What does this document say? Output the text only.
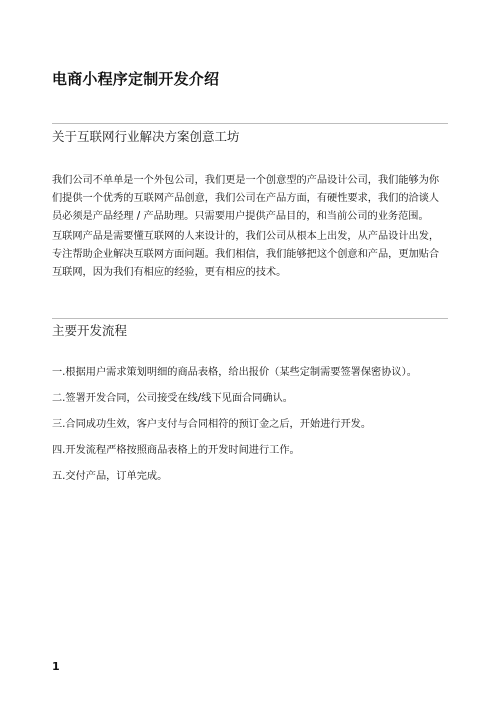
电商小程序定制开发介绍
关于互联网行业解决方案创意工坊

我们公司不单单是一个外包公司，我们更是一个创意型的产品设计公司，我们能够为你们提供一个优秀的互联网产品创意，我们公司在产品方面，有硬性要求，我们的洽谈人员必须是产品经理 / 产品助理。只需要用户提供产品目的，和当前公司的业务范围。

互联网产品是需要懂互联网的人来设计的，我们公司从根本上出发，从产品设计出发，专注帮助企业解决互联网方面问题。我们相信，我们能够把这个创意和产品，更加贴合互联网，因为我们有相应的经验，更有相应的技术。

主要开发流程
一.根据用户需求策划明细的商品表格，给出报价（某些定制需要签署保密协议）。
二.签署开发合同，公司接受在线/线下见面合同确认。
三.合同成功生效，客户支付与合同相符的预订金之后，开始进行开发。
四.开发流程严格按照商品表格上的开发时间进行工作。
五.交付产品，订单完成。
1
